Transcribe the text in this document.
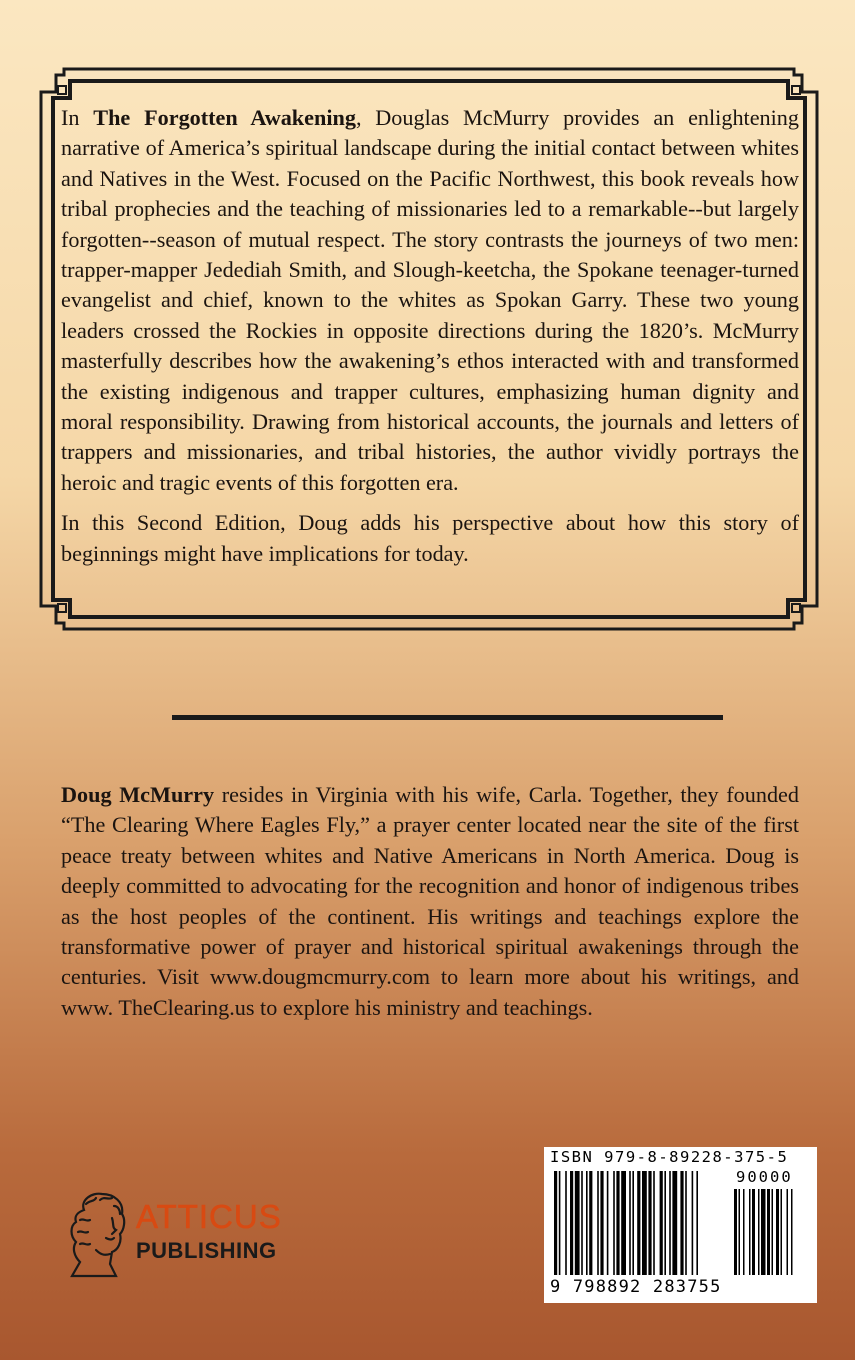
In The Forgotten Awakening, Douglas McMurry provides an enlightening narrative of America’s spiritual landscape during the initial contact between whites and Natives in the West. Focused on the Pacific Northwest, this book reveals how tribal prophecies and the teaching of missionaries led to a remarkable--but largely forgotten--season of mutual respect. The story contrasts the journeys of two men: trapper-mapper Jedediah Smith, and Slough-keetcha, the Spokane teenager-turned evangelist and chief, known to the whites as Spokan Garry. These two young leaders crossed the Rockies in opposite directions during the 1820’s. McMurry masterfully describes how the awakening’s ethos interacted with and transformed the existing indigenous and trapper cultures, emphasizing human dignity and moral responsibility. Drawing from historical accounts, the journals and letters of trappers and missionaries, and tribal histories, the author vividly portrays the heroic and tragic events of this forgotten era.

In this Second Edition, Doug adds his perspective about how this story of beginnings might have implications for today.

Doug McMurry resides in Virginia with his wife, Carla. Together, they founded “The Clearing Where Eagles Fly,” a prayer center located near the site of the first peace treaty between whites and Native Americans in North America. Doug is deeply committed to advocating for the recognition and honor of indigenous tribes as the host peoples of the continent. His writings and teachings explore the transformative power of prayer and historical spiritual awakenings through the centuries. Visit www.dougmcmurry.com to learn more about his writings, and www. TheClearing.us to explore his ministry and teachings.

ATTICUS
PUBLISHING
ISBN 979-8-89228-375-5
90000
9 798892 283755
